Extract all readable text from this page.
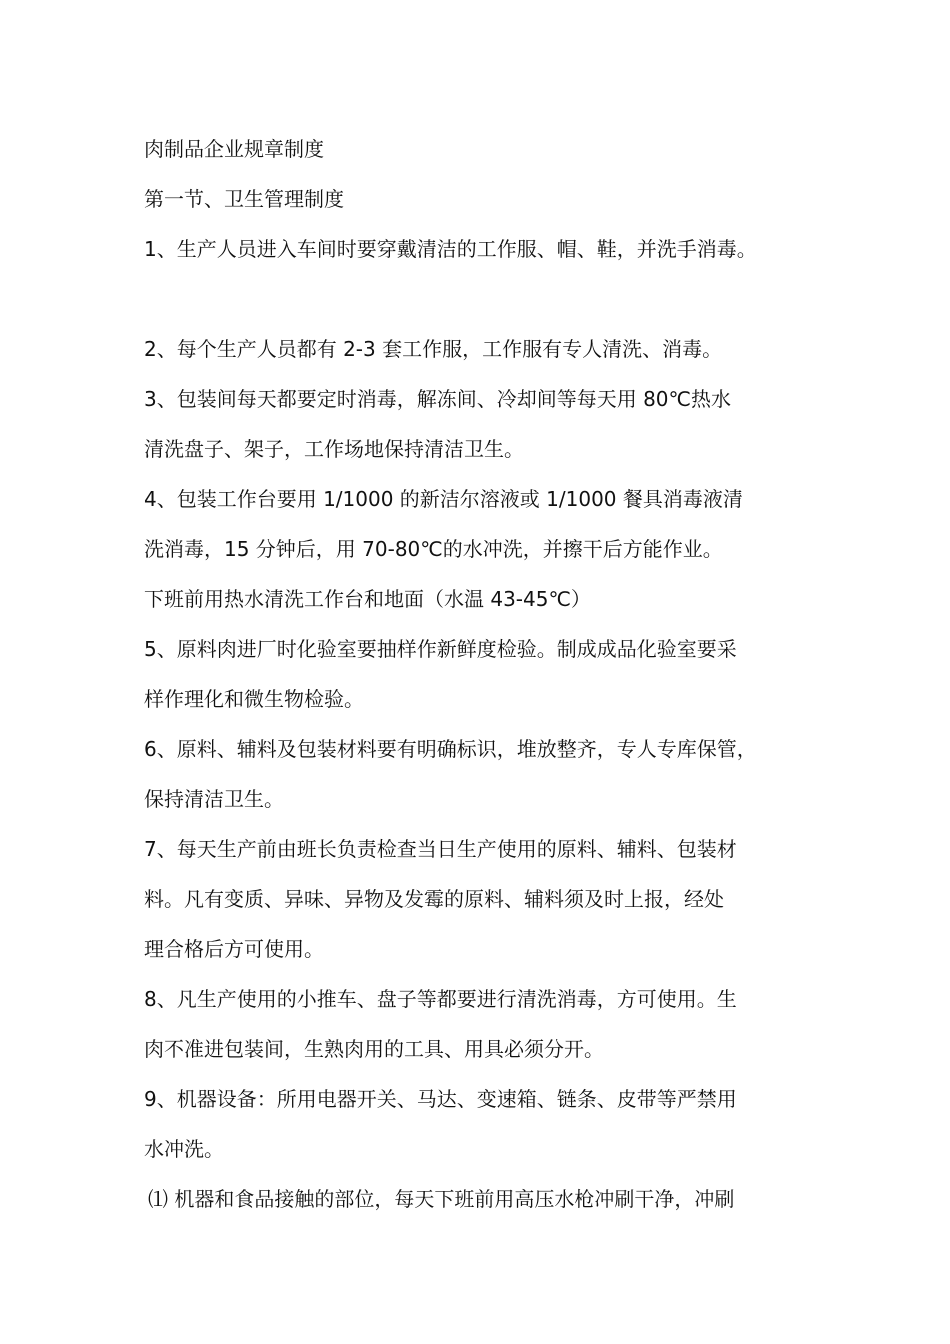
肉制品企业规章制度
第一节、卫生管理制度
1、生产人员进入车间时要穿戴清洁的工作服、帽、鞋，并洗手消毒。
2、每个生产人员都有 2-3 套工作服，工作服有专人清洗、消毒。
3、包装间每天都要定时消毒，解冻间、冷却间等每天用 80℃热水
清洗盘子、架子，工作场地保持清洁卫生。
4、包装工作台要用 1/1000 的新洁尔溶液或 1/1000 餐具消毒液清
洗消毒，15 分钟后，用 70-80℃的水冲洗，并擦干后方能作业。
下班前用热水清洗工作台和地面（水温 43-45℃）
5、原料肉进厂时化验室要抽样作新鲜度检验。制成成品化验室要采
样作理化和微生物检验。
6、原料、辅料及包装材料要有明确标识，堆放整齐，专人专库保管，
保持清洁卫生。
7、每天生产前由班长负责检查当日生产使用的原料、辅料、包装材
料。凡有变质、异味、异物及发霉的原料、辅料须及时上报，经处
理合格后方可使用。
8、凡生产使用的小推车、盘子等都要进行清洗消毒，方可使用。生
肉不准进包装间，生熟肉用的工具、用具必须分开。
9、机器设备：所用电器开关、马达、变速箱、链条、皮带等严禁用
水冲洗。
⑴ 机器和食品接触的部位，每天下班前用高压水枪冲刷干净，冲刷
